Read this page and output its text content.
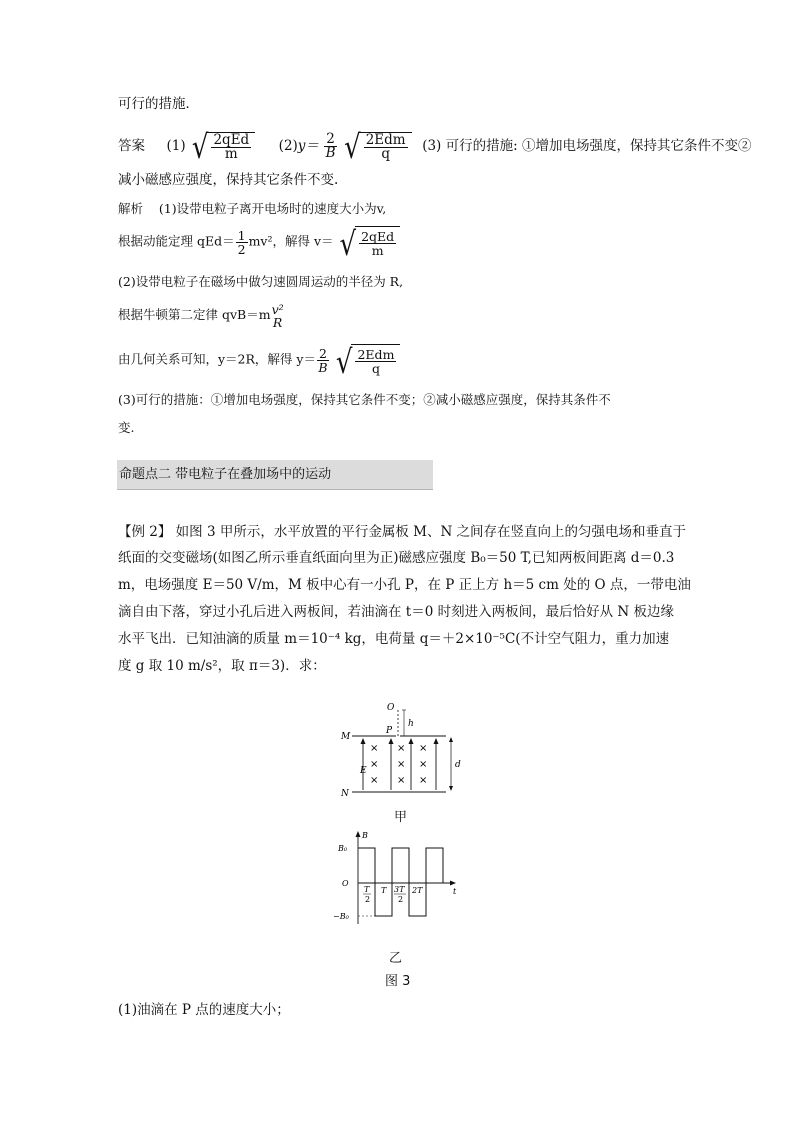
可行的措施．
答案 (1) √ $\frac{\text{2qEd}}{m} (2)y= \frac{2}{B}$
√ $\frac{\text{2Edm}}{q} (3)$ 可行的措施: ①增加电场强度，保持其它条件不变②
减小磁感应强度，保持其它条件不变.
解析 (1)设带电粒子离开电场时的速度大小为v,
根据动能定理 $qEd= \frac{1}{2} mv^2$，解得 v＝ √ $\frac{\text{2qEd}}{m}$
(2)设带电粒子在磁场中做匀速圆周运动的半径为 R,
根据牛顿第二定律 qvB＝m v²
R
由几何关系可知，y＝2R，解得 $y= \frac{2}{B}$
√ $\frac{\text{2Edm}}{q}$
(3)可行的措施：①增加电场强度，保持其它条件不变；②减小磁感应强度，保持其条件不
变.
命题点二 带电粒子在叠加场中的运动
【例 2】 如图 3 甲所示，水平放置的平行金属板 M、N 之间存在竖直向上的匀强电场和垂直于
纸面的交变磁场(如图乙所示垂直纸面向里为正)磁感应强度 B₀＝50 T,已知两板间距离 d＝0.3
m，电场强度 E＝50 V/m，M 板中心有一小孔 P，在 P 正上方 h＝5 cm 处的 O 点，一带电油
滴自由下落，穿过小孔后进入两板间，若油滴在 t＝0 时刻进入两板间，最后恰好从 N 板边缘
水平飞出．已知油滴的质量 m＝10⁻⁴ kg，电荷量 q＝＋2×10⁻⁵C(不计空气阻力，重力加速
度 g 取 10 m/s²，取 π＝3)．求：
O
P
h
M
N
E
d
×
×
×
×
×
×
×
×
×
甲
B
B₀
−B₀
O
t
T
2
T 3T
2
2T
乙
图 3
(1)油滴在 P 点的速度大小；
